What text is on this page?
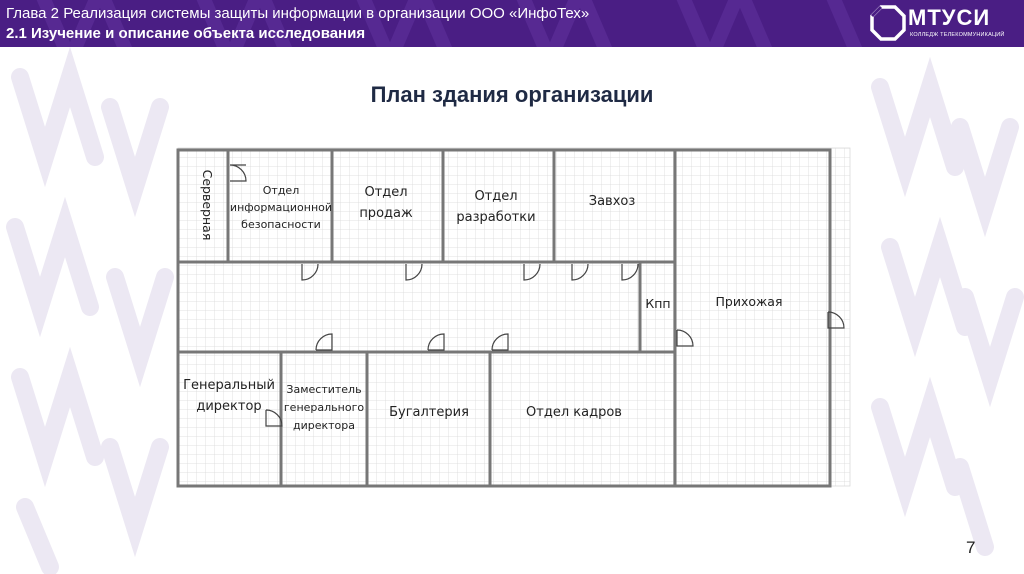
Глава 2 Реализация системы защиты информации в организации ООО «ИнфоТех»
2.1 Изучение и описание объекта исследования
МТУСИ
КОЛЛЕДЖ ТЕЛЕКОММУНИКАЦИЙ
План здания организации
Серверная	Отдел
информационной
безопасности
Отдел
продаж
Отдел
разработки
Завхоз
Кпп	Прихожая
Генеральный
директор
Заместитель
генерального
директора
Бугалтерия	Отдел кадров
7
